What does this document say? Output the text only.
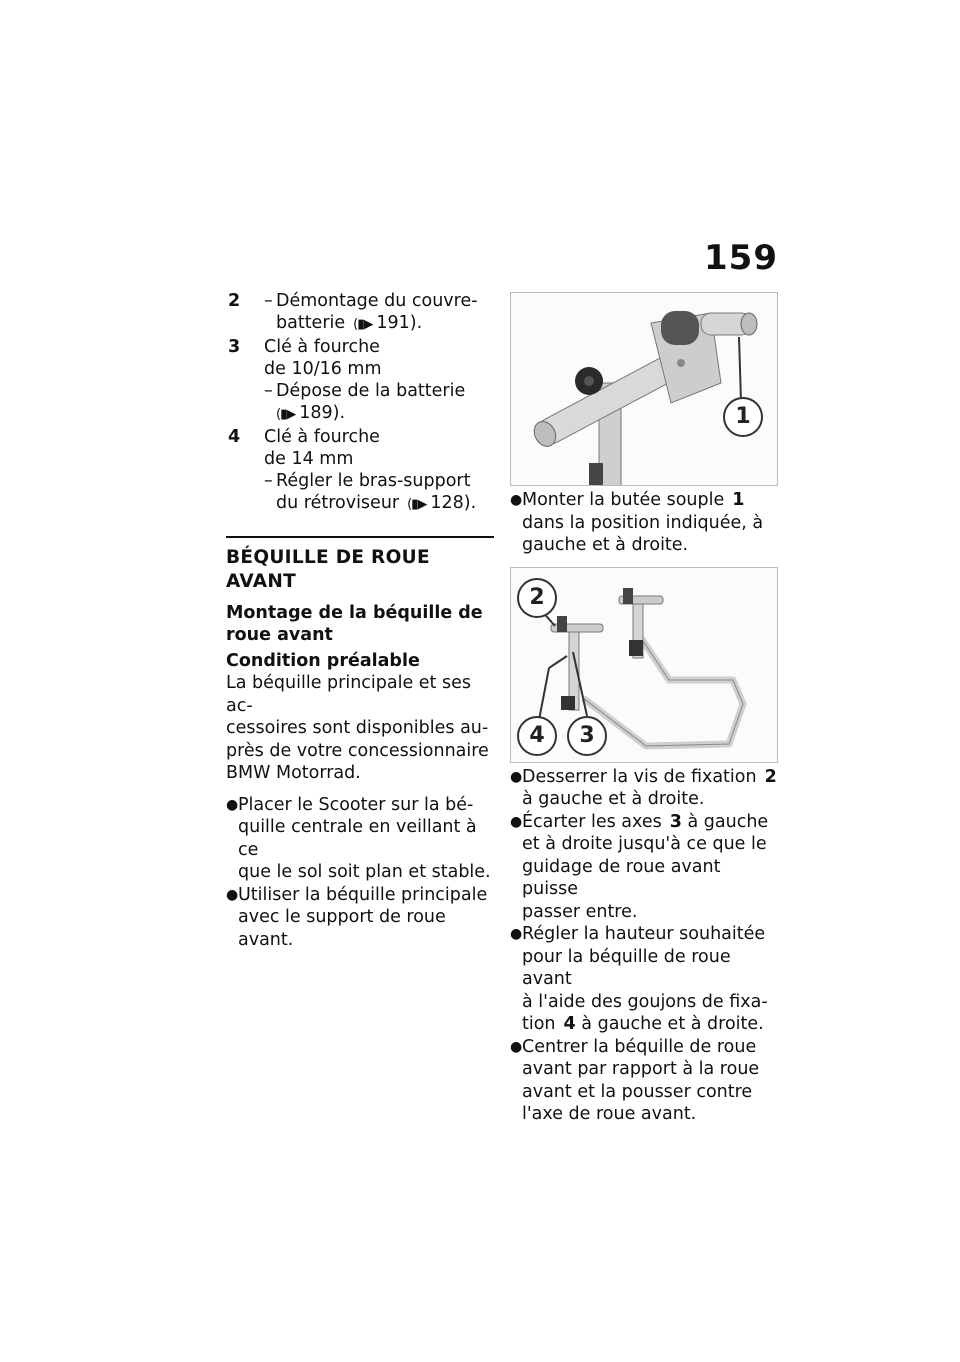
159
2	– Démontage du couvre-
batterie (▮▶ 191).
3	Clé à fourche
de 10/16 mm
– Dépose de la batterie
(▮▶ 189).
4	Clé à fourche
de 14 mm
– Régler le bras-support
du rétroviseur (▮▶ 128).
BÉQUILLE DE ROUE AVANT
Montage de la béquille de
roue avant
Condition préalable
La béquille principale et ses ac-
cessoires sont disponibles au-
près de votre concessionnaire
BMW Motorrad.
● Placer le Scooter sur la bé-
quille centrale en veillant à ce
que le sol soit plan et stable.
● Utiliser la béquille principale
avec le support de roue avant.
1
● Monter la butée souple 1
dans la position indiquée, à
gauche et à droite.
2
4	3
● Desserrer la vis de fixation 2
à gauche et à droite.
● Écarter les axes 3 à gauche
et à droite jusqu'à ce que le
guidage de roue avant puisse
passer entre.
● Régler la hauteur souhaitée
pour la béquille de roue avant
à l'aide des goujons de fixa-
tion 4 à gauche et à droite.
● Centrer la béquille de roue
avant par rapport à la roue
avant et la pousser contre
l'axe de roue avant.
